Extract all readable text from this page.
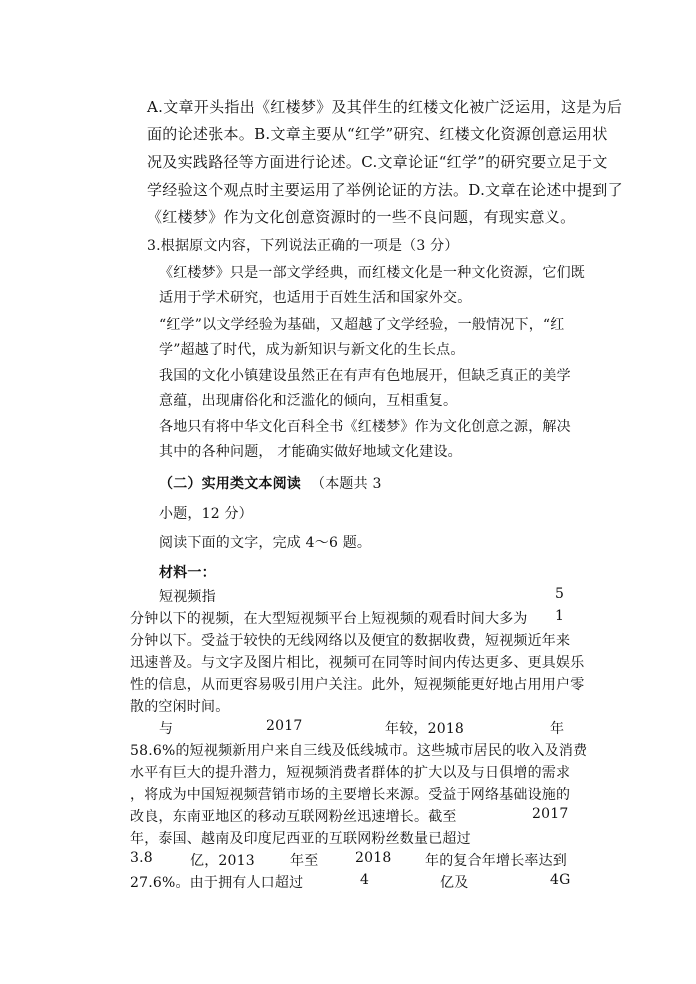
A.文章开头指出《红楼梦》及其伴生的红楼文化被广泛运用，这是为后
面的论述张本。B.文章主要从“红学”研究、红楼文化资源创意运用状
况及实践路径等方面进行论述。C.文章论证“红学”的研究要立足于文
学经验这个观点时主要运用了举例论证的方法。D.文章在论述中提到了
《红楼梦》作为文化创意资源时的一些不良问题，有现实意义。
3.根据原文内容，下列说法正确的一项是（3 分）
《红楼梦》只是一部文学经典，而红楼文化是一种文化资源，它们既
适用于学术研究，也适用于百姓生活和国家外交。
“红学”以文学经验为基础，又超越了文学经验，一般情况下，“红
学”超越了时代，成为新知识与新文化的生长点。
我国的文化小镇建设虽然正在有声有色地展开，但缺乏真正的美学
意蕴，出现庸俗化和泛滥化的倾向，互相重复。
各地只有将中华文化百科全书《红楼梦》作为文化创意之源，解决
其中的各种问题， 才能确实做好地域文化建设。
（二）实用类文本阅读 （本题共 3
小题，12 分）
阅读下面的文字，完成 4～6 题。
材料一：
短视频指	5
分钟以下的视频，在大型短视频平台上短视频的观看时间大多为 1
分钟以下。受益于较快的无线网络以及便宜的数据收费，短视频近年来
迅速普及。与文字及图片相比，视频可在同等时间内传达更多、更具娱乐
性的信息，从而更容易吸引用户关注。此外，短视频能更好地占用用户零
散的空闲时间。
与	2017	年较，2018	年
58.6%的短视频新用户来自三线及低线城市。这些城市居民的收入及消费
水平有巨大的提升潜力，短视频消费者群体的扩大以及与日俱增的需求
，将成为中国短视频营销市场的主要增长来源。受益于网络基础设施的
改良，东南亚地区的移动互联网粉丝迅速增长。截至	2017
年，泰国、越南及印度尼西亚的互联网粉丝数量已超过
3.8	亿，2013	年至	2018 年的复合年增长率达到
27.6%。由于拥有人口超过	4	亿及	4G
